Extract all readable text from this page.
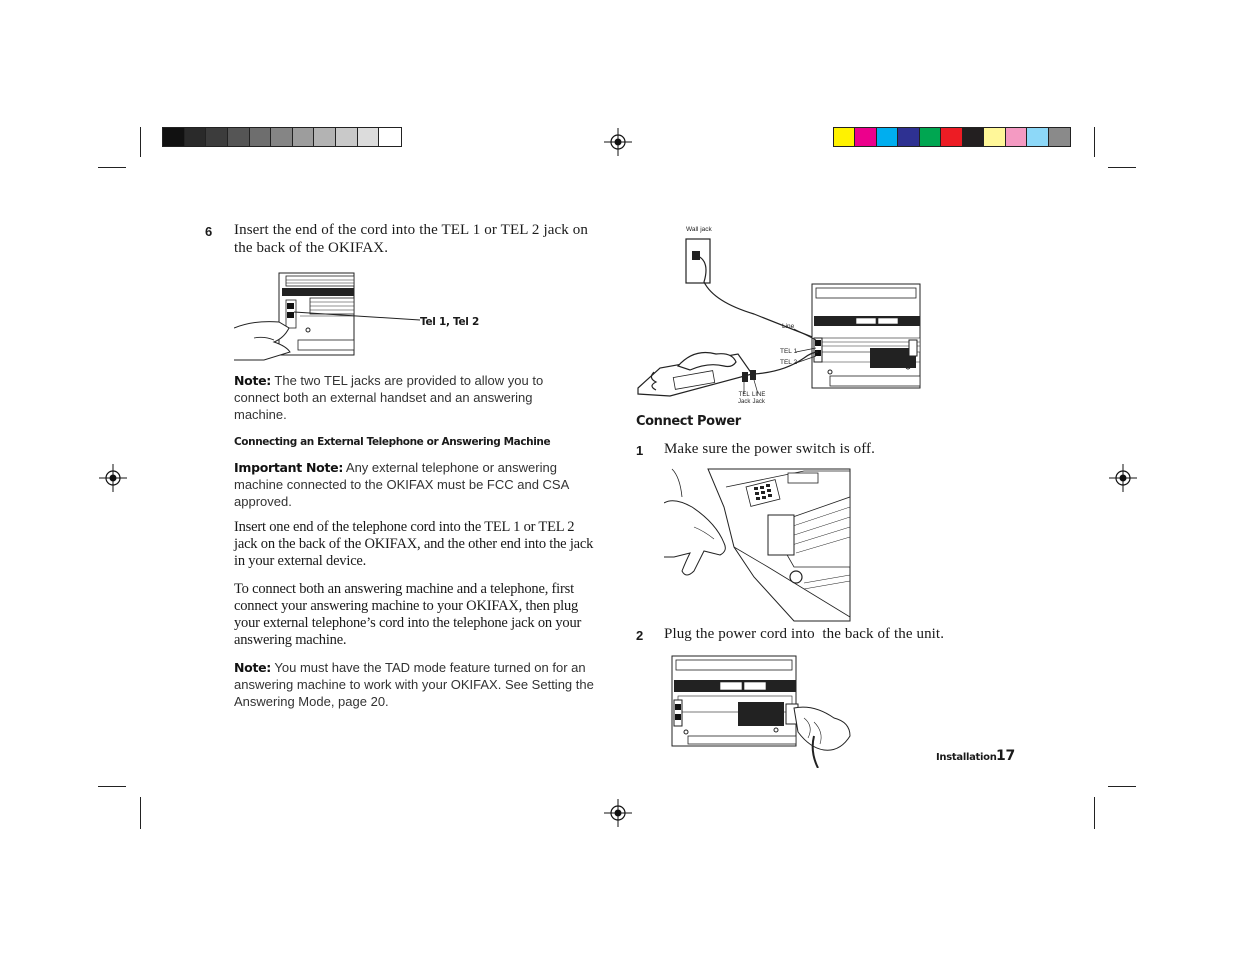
6 Insert the end of the cord into the TEL 1 or TEL 2 jack on the back of the OKIFAX.
Tel 1, Tel 2
Note: The two TEL jacks are provided to allow you to connect both an external handset and an answering machine.
Connecting an External Telephone or Answering Machine
Important Note: Any external telephone or answering machine connected to the OKIFAX must be FCC and CSA approved.
Insert one end of the telephone cord into the TEL 1 or TEL 2 jack on the back of the OKIFAX, and the other end into the jack in your external device.
To connect both an answering machine and a telephone, first connect your answering machine to your OKIFAX, then plug your external telephone’s cord into the telephone jack on your answering machine.
Note: You must have the TAD mode feature turned on for an answering machine to work with your OKIFAX. See Setting the Answering Mode, page 20.
Wall jack
Line
TEL 1
TEL 2
TEL
Jack
LINE
Jack
Connect Power
1 Make sure the power switch is off.
2 Plug the power cord into  the back of the unit.
Installation 17
